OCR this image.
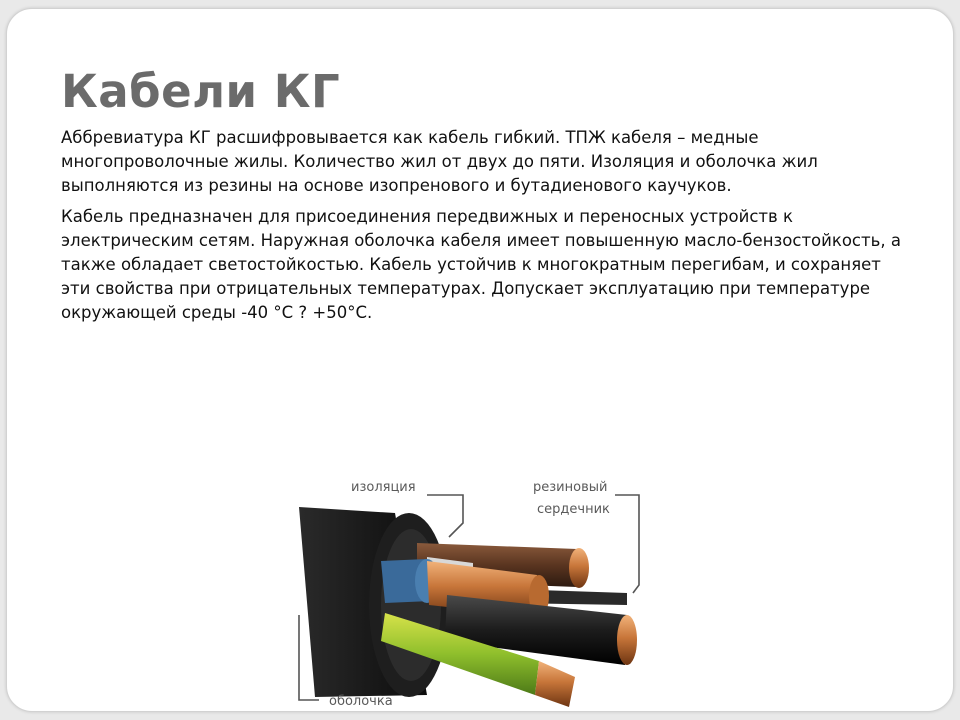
Кабели КГ

Аббревиатура КГ расшифровывается как кабель гибкий. ТПЖ кабеля – медные многопроволочные жилы. Количество жил от двух до пяти. Изоляция и оболочка жил выполняются из резины на основе изопренового и бутадиенового каучуков.

Кабель предназначен для присоединения передвижных и переносных устройств к электрическим сетям. Наружная оболочка кабеля имеет повышенную масло-бензостойкость, а также обладает светостойкостью. Кабель устойчив к многократным перегибам, и сохраняет эти свойства при отрицательных температурах. Допускает эксплуатацию при температуре окружающей среды -40 °С ? +50°С.

изоляция	резиновый
сердечник
оболочка
